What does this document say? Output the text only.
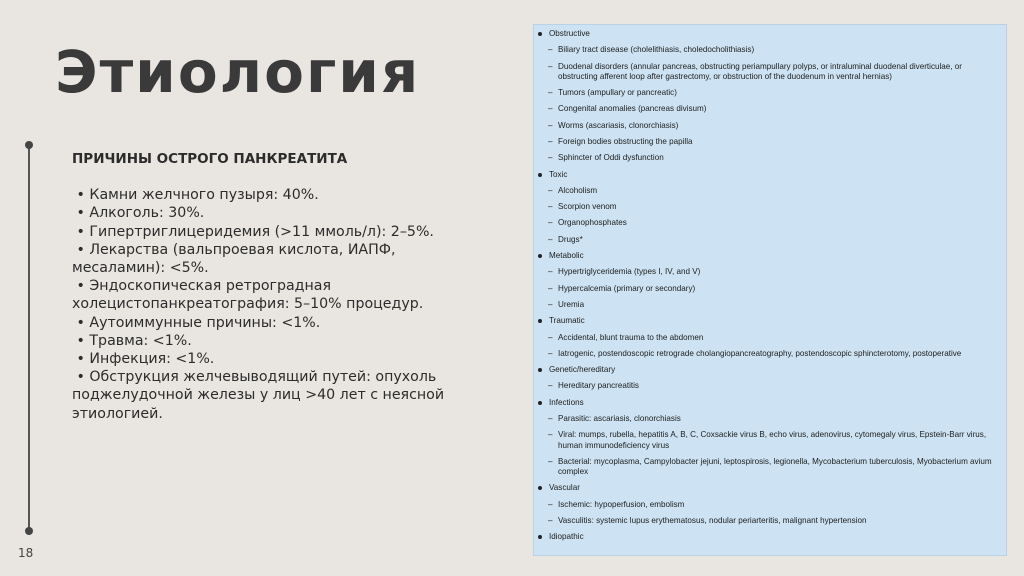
Этиология
ПРИЧИНЫ ОСТРОГО ПАНКРЕАТИТА
• Камни желчного пузыря: 40%.
• Алкоголь: 30%.
• Гипертриглицеридемия (>11 ммоль/л): 2–5%.
• Лекарства (вальпроевая кислота, ИАПФ,
месаламин): <5%.
• Эндоскопическая ретроградная
холецистопанкреатография: 5–10% процедур.
• Аутоиммунные причины: <1%.
• Травма: <1%.
• Инфекция: <1%.
• Обструкция желчевыводящий путей: опухоль
поджелудочной железы у лиц >40 лет с неясной
этиологией.
18
Obstructive
– Biliary tract disease (cholelithiasis, choledocholithiasis)
– Duodenal disorders (annular pancreas, obstructing periampullary polyps, or intraluminal duodenal diverticulae, or obstructing afferent loop after gastrectomy, or obstruction of the duodenum in ventral hernias)
– Tumors (ampullary or pancreatic)
– Congenital anomalies (pancreas divisum)
– Worms (ascariasis, clonorchiasis)
– Foreign bodies obstructing the papilla
– Sphincter of Oddi dysfunction
Toxic
– Alcoholism
– Scorpion venom
– Organophosphates
– Drugs*
Metabolic
– Hypertriglyceridemia (types I, IV, and V)
– Hypercalcemia (primary or secondary)
– Uremia
Traumatic
– Accidental, blunt trauma to the abdomen
– Iatrogenic, postendoscopic retrograde cholangiopancreatography, postendoscopic sphincterotomy, postoperative
Genetic/hereditary
– Hereditary pancreatitis
Infections
– Parasitic: ascariasis, clonorchiasis
– Viral: mumps, rubella, hepatitis A, B, C, Coxsackie virus B, echo virus, adenovirus, cytomegaly virus, Epstein-Barr virus, human immunodeficiency virus
– Bacterial: mycoplasma, Campylobacter jejuni, leptospirosis, legionella, Mycobacterium tuberculosis, Myobacterium avium complex
Vascular
– Ischemic: hypoperfusion, embolism
– Vasculitis: systemic lupus erythematosus, nodular periarteritis, malignant hypertension
Idiopathic
